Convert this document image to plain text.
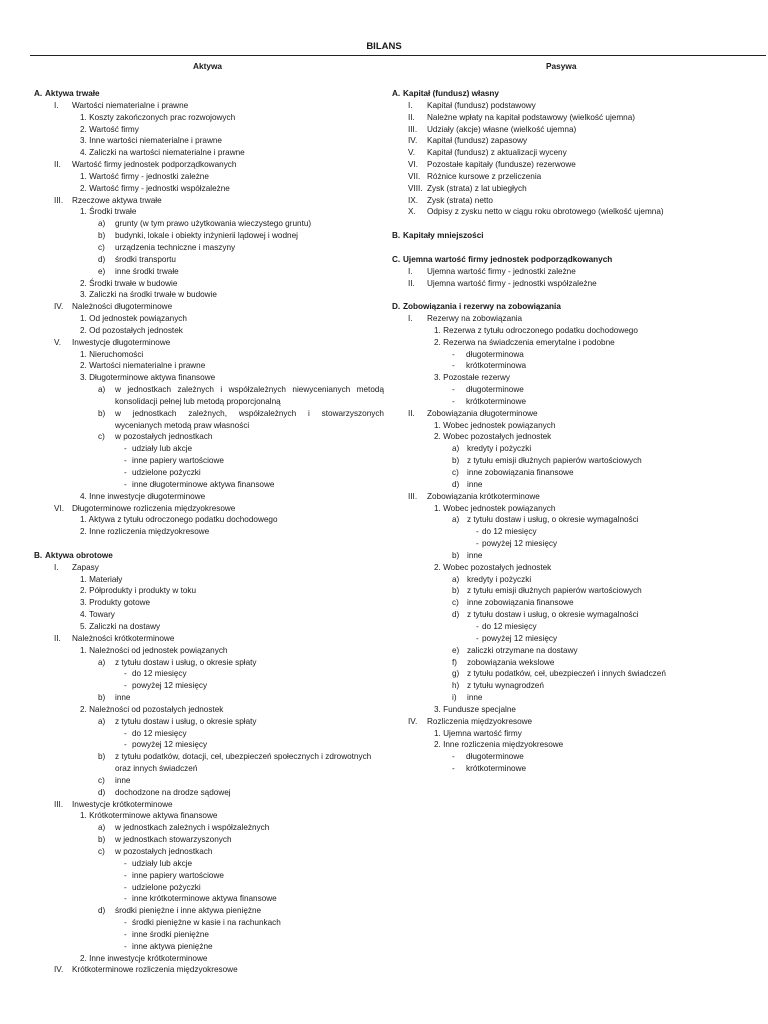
BILANS
Aktywa	Pasywa
A. Aktywa trwałe
I. Wartości niematerialne i prawne
1. Koszty zakończonych prac rozwojowych
2. Wartość firmy
3. Inne wartości niematerialne i prawne
4. Zaliczki na wartości niematerialne i prawne
II. Wartość firmy jednostek podporządkowanych
1. Wartość firmy - jednostki zależne
2. Wartość firmy - jednostki współzależne
III. Rzeczowe aktywa trwałe
1. Środki trwałe
a) grunty (w tym prawo użytkowania wieczystego gruntu)
b) budynki, lokale i obiekty inżynierii lądowej i wodnej
c) urządzenia techniczne i maszyny
d) środki transportu
e) inne środki trwałe
2. Środki trwałe w budowie
3. Zaliczki na środki trwałe w budowie
IV. Należności długoterminowe
1. Od jednostek powiązanych
2. Od pozostałych jednostek
V. Inwestycje długoterminowe
1. Nieruchomości
2. Wartości niematerialne i prawne
3. Długoterminowe aktywa finansowe
a) w jednostkach zależnych i współzależnych niewycenianych metodą
konsolidacji pełnej lub metodą proporcjonalną
b) w jednostkach zależnych, współzależnych i stowarzyszonych
wycenianych metodą praw własności
c) w pozostałych jednostkach
- udziały lub akcje
- inne papiery wartościowe
- udzielone pożyczki
- inne długoterminowe aktywa finansowe
4. Inne inwestycje długoterminowe
VI. Długoterminowe rozliczenia międzyokresowe
1. Aktywa z tytułu odroczonego podatku dochodowego
2. Inne rozliczenia międzyokresowe
B. Aktywa obrotowe
I. Zapasy
1. Materiały
2. Półprodukty i produkty w toku
3. Produkty gotowe
4. Towary
5. Zaliczki na dostawy
II. Należności krótkoterminowe
1. Należności od jednostek powiązanych
a) z tytułu dostaw i usług, o okresie spłaty
- do 12 miesięcy
- powyżej 12 miesięcy
b) inne
2. Należności od pozostałych jednostek
a) z tytułu dostaw i usług, o okresie spłaty
- do 12 miesięcy
- powyżej 12 miesięcy
b) z tytułu podatków, dotacji, ceł, ubezpieczeń społecznych i zdrowotnych
oraz innych świadczeń
c) inne
d) dochodzone na drodze sądowej
III. Inwestycje krótkoterminowe
1. Krótkoterminowe aktywa finansowe
a) w jednostkach zależnych i współzależnych
b) w jednostkach stowarzyszonych
c) w pozostałych jednostkach
- udziały lub akcje
- inne papiery wartościowe
- udzielone pożyczki
- inne krótkoterminowe aktywa finansowe
d) środki pieniężne i inne aktywa pieniężne
- środki pieniężne w kasie i na rachunkach
- inne środki pieniężne
- inne aktywa pieniężne
2. Inne inwestycje krótkoterminowe
IV. Krótkoterminowe rozliczenia międzyokresowe
A. Kapitał (fundusz) własny
I. Kapitał (fundusz) podstawowy
II. Należne wpłaty na kapitał podstawowy (wielkość ujemna)
III. Udziały (akcje) własne (wielkość ujemna)
IV. Kapitał (fundusz) zapasowy
V. Kapitał (fundusz) z aktualizacji wyceny
VI. Pozostałe kapitały (fundusze) rezerwowe
VII. Różnice kursowe z przeliczenia
VIII. Zysk (strata) z lat ubiegłych
IX. Zysk (strata) netto
X. Odpisy z zysku netto w ciągu roku obrotowego (wielkość ujemna)
B. Kapitały mniejszości
C. Ujemna wartość firmy jednostek podporządkowanych
I. Ujemna wartość firmy - jednostki zależne
II. Ujemna wartość firmy - jednostki współzależne
D. Zobowiązania i rezerwy na zobowiązania
I. Rezerwy na zobowiązania
1. Rezerwa z tytułu odroczonego podatku dochodowego
2. Rezerwa na świadczenia emerytalne i podobne
- długoterminowa
- krótkoterminowa
3. Pozostałe rezerwy
- długoterminowe
- krótkoterminowe
II. Zobowiązania długoterminowe
1. Wobec jednostek powiązanych
2. Wobec pozostałych jednostek
a) kredyty i pożyczki
b) z tytułu emisji dłużnych papierów wartościowych
c) inne zobowiązania finansowe
d) inne
III. Zobowiązania krótkoterminowe
1. Wobec jednostek powiązanych
a) z tytułu dostaw i usług, o okresie wymagalności
- do 12 miesięcy
- powyżej 12 miesięcy
b) inne
2. Wobec pozostałych jednostek
a) kredyty i pożyczki
b) z tytułu emisji dłużnych papierów wartościowych
c) inne zobowiązania finansowe
d) z tytułu dostaw i usług, o okresie wymagalności
- do 12 miesięcy
- powyżej 12 miesięcy
e) zaliczki otrzymane na dostawy
f) zobowiązania wekslowe
g) z tytułu podatków, ceł, ubezpieczeń i innych świadczeń
h) z tytułu wynagrodzeń
i) inne
3. Fundusze specjalne
IV. Rozliczenia międzyokresowe
1. Ujemna wartość firmy
2. Inne rozliczenia międzyokresowe
- długoterminowe
- krótkoterminowe
